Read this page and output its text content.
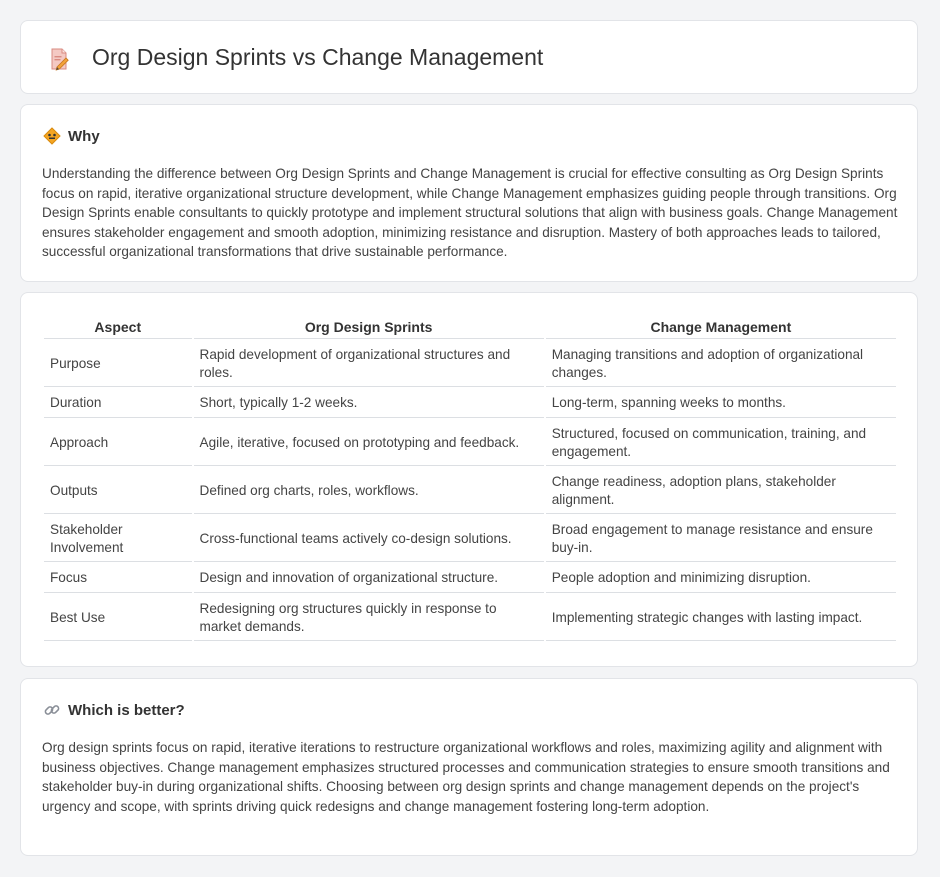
Org Design Sprints vs Change Management
Why

Understanding the difference between Org Design Sprints and Change Management is crucial for effective consulting as Org Design Sprints focus on rapid, iterative organizational structure development, while Change Management emphasizes guiding people through transitions. Org Design Sprints enable consultants to quickly prototype and implement structural solutions that align with business goals. Change Management ensures stakeholder engagement and smooth adoption, minimizing resistance and disruption. Mastery of both approaches leads to tailored, successful organizational transformations that drive sustainable performance.

Aspect	Org Design Sprints	Change Management
Purpose	Rapid development of organizational structures and roles.	Managing transitions and adoption of organizational changes.
Duration	Short, typically 1-2 weeks.	Long-term, spanning weeks to months.
Approach	Agile, iterative, focused on prototyping and feedback.	Structured, focused on communication, training, and engagement.
Outputs	Defined org charts, roles, workflows.	Change readiness, adoption plans, stakeholder alignment.
Stakeholder Involvement	Cross-functional teams actively co-design solutions.	Broad engagement to manage resistance and ensure buy-in.
Focus	Design and innovation of organizational structure.	People adoption and minimizing disruption.
Best Use	Redesigning org structures quickly in response to market demands.	Implementing strategic changes with lasting impact.
Which is better?

Org design sprints focus on rapid, iterative iterations to restructure organizational workflows and roles, maximizing agility and alignment with business objectives. Change management emphasizes structured processes and communication strategies to ensure smooth transitions and stakeholder buy-in during organizational shifts. Choosing between org design sprints and change management depends on the project's urgency and scope, with sprints driving quick redesigns and change management fostering long-term adoption.
